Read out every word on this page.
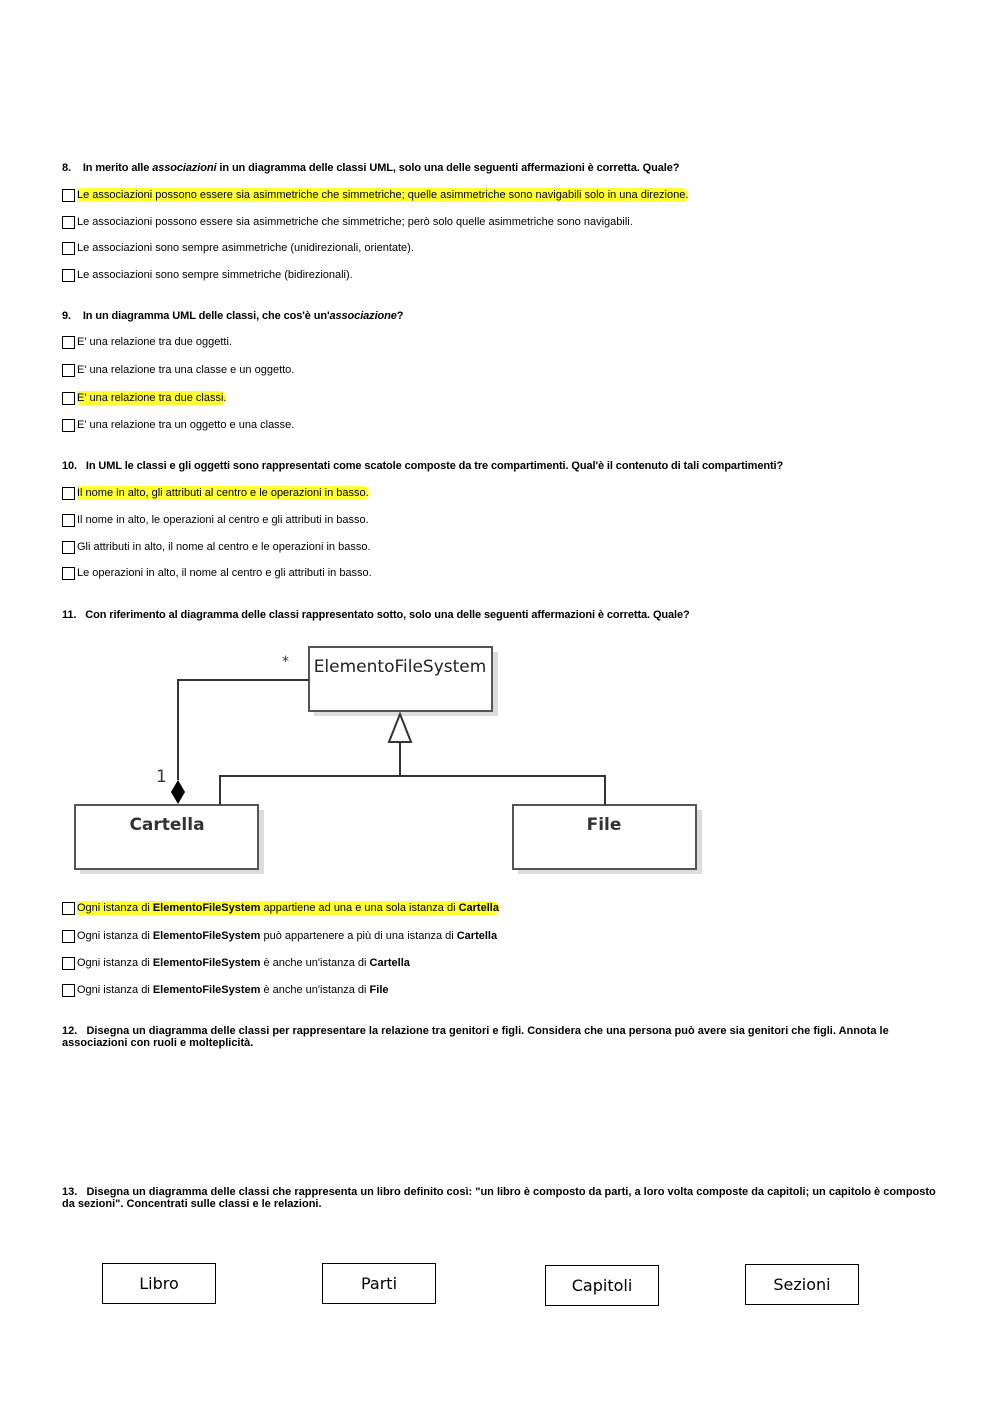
8. In merito alle associazioni in un diagramma delle classi UML, solo una delle seguenti affermazioni è corretta. Quale?
Le associazioni possono essere sia asimmetriche che simmetriche; quelle asimmetriche sono navigabili solo in una direzione.
Le associazioni possono essere sia asimmetriche che simmetriche; però solo quelle asimmetriche sono navigabili.
Le associazioni sono sempre asimmetriche (unidirezionali, orientate).
Le associazioni sono sempre simmetriche (bidirezionali).
9. In un diagramma UML delle classi, che cos'è un'associazione?
E' una relazione tra due oggetti.
E' una relazione tra una classe e un oggetto.
E' una relazione tra due classi.
E' una relazione tra un oggetto e una classe.
10. In UML le classi e gli oggetti sono rappresentati come scatole composte da tre compartimenti. Qual'è il contenuto di tali compartimenti?
Il nome in alto, gli attributi al centro e le operazioni in basso.
Il nome in alto, le operazioni al centro e gli attributi in basso.
Gli attributi in alto, il nome al centro e le operazioni in basso.
Le operazioni in alto, il nome al centro e gli attributi in basso.
11. Con riferimento al diagramma delle classi rappresentato sotto, solo una delle seguenti affermazioni è corretta. Quale?
ElementoFileSystem
Cartella	File
*
1
Ogni istanza di ElementoFileSystem appartiene ad una e una sola istanza di Cartella
Ogni istanza di ElementoFileSystem può appartenere a più di una istanza di Cartella
Ogni istanza di ElementoFileSystem è anche un'istanza di Cartella
Ogni istanza di ElementoFileSystem è anche un'istanza di File
12. Disegna un diagramma delle classi per rappresentare la relazione tra genitori e figli. Considera che una persona può avere sia genitori che figli. Annota le associazioni con ruoli e molteplicità.
13. Disegna un diagramma delle classi che rappresenta un libro definito così: "un libro è composto da parti, a loro volta composte da capitoli; un capitolo è composto da sezioni". Concentrati sulle classi e le relazioni.
Libro	Parti	Capitoli	Sezioni
